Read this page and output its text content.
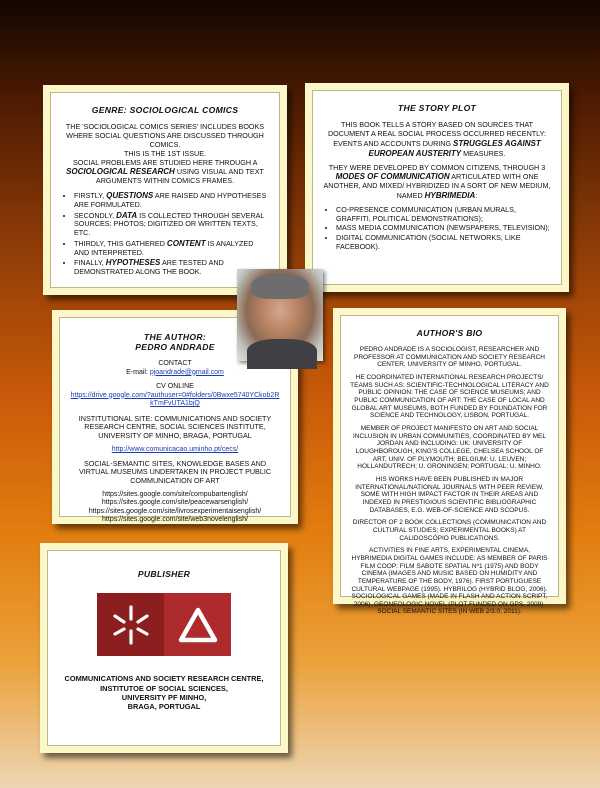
GENRE: SOCIOLOGICAL COMICS

THE 'SOCIOLOGICAL COMICS SERIES' INCLUDES BOOKS WHERE SOCIAL QUESTIONS ARE DISCUSSED THROUGH COMICS.
THIS IS THE 1ST ISSUE.
SOCIAL PROBLEMS ARE STUDIED HERE THROUGH A SOCIOLOGICAL RESEARCH USING VISUAL AND TEXT ARGUMENTS WITHIN COMICS FRAMES.

• FIRSTLY, QUESTIONS ARE RAISED AND HYPOTHESES ARE FORMULATED.
• SECONDLY, DATA IS COLLECTED THROUGH SEVERAL SOURCES: PHOTOS; DIGITIZED OR WRITTEN TEXTS, ETC.
• THIRDLY, THIS GATHERED CONTENT IS ANALYZED AND INTERPRETED.
• FINALLY, HYPOTHESES ARE TESTED AND DEMONSTRATED ALONG THE BOOK.
THE STORY PLOT

THIS BOOK TELLS A STORY BASED ON SOURCES THAT DOCUMENT A REAL SOCIAL PROCESS OCCURRED RECENTLY: EVENTS AND ACCOUNTS DURING STRUGGLES AGAINST EUROPEAN AUSTERITY MEASURES.

THEY WERE DEVELOPED BY COMMON CITIZENS, THROUGH 3 MODES OF COMMUNICATION ARTICULATED WITH ONE ANOTHER, AND MIXED/ HYBRIDIZED IN A SORT OF NEW MEDIUM, NAMED HYBRIMEDIA:

• CO-PRESENCE COMMUNICATION (URBAN MURALS, GRAFFITI, POLITICAL DEMONSTRATIONS);
• MASS MEDIA COMMUNICATION (NEWSPAPERS, TELEVISION);
• DIGITAL COMMUNICATION (SOCIAL NETWORKS, LIKE FACEBOOK).
THE AUTHOR:
PEDRO ANDRADE

CONTACT

E-mail: pjoandrade@gmail.com

CV ONLINE

https://drive.google.com/?authuser=0#folders/0Bwxe5740YCkob2RkTmFvUTA1bjQ

INSTITUTIONAL SITE: COMMUNICATIONS AND SOCIETY RESEARCH CENTRE, SOCIAL SCIENCES INSTITUTE, UNIVERSITY OF MINHO, BRAGA, PORTUGAL

http://www.comunicacao.uminho.pt/cecs/

SOCIAL-SEMANTIC SITES, KNOWLEDGE BASES AND VIRTUAL MUSEUMS UNDERTAKEN IN PROJECT PUBLIC COMMUNICATION OF ART

https://sites.google.com/site/compubartenglish/
https://sites.google.com/site/peacewarsenglish/
https://sites.google.com/site/livrosexperimentaisenglish/
https://sites.google.com/site/web3novelenglish/
AUTHOR'S BIO

PEDRO ANDRADE IS A SOCIOLOGIST, RESEARCHER AND PROFESSOR AT COMMUNICATION AND SOCIETY RESEARCH CENTER, UNIVERSITY OF MINHO, PORTUGAL.

HE COORDINATED INTERNATIONAL RESEARCH PROJECTS/ TEAMS SUCH AS: SCIENTIFIC-TECHNOLOGICAL LITERACY AND PUBLIC OPINION: THE CASE OF SCIENCE MUSEUMS; AND PUBLIC COMMUNICATION OF ART: THE CASE OF LOCAL AND GLOBAL ART MUSEUMS, BOTH FUNDED BY FOUNDATION FOR SCIENCE AND TECHNOLOGY, LISBON, PORTUGAL.

MEMBER OF PROJECT MANIFESTO ON ART AND SOCIAL INCLUSION IN URBAN COMMUNITIES, COORDINATED BY MEL JORDAN AND INCLUDING: UK: UNIVERSITY OF LOUGHBOROUGH, KING'S COLLEGE, CHELSEA SCHOOL OF ART, UNIV. OF PLYMOUTH; BELGIUM: U. LEUVEN; HOLLANDUTRECH; U. GRONINGEN; PORTUGAL: U. MINHO.

HIS WORKS HAVE BEEN PUBLISHED IN MAJOR INTERNATIONAL/NATIONAL JOURNALS WITH PEER REVIEW, SOME WITH HIGH IMPACT FACTOR IN THEIR AREAS AND INDEXED IN PRESTIGIOUS SCIENTIFIC BIBLIOGRAPHIC DATABASES, E.G. WEB-OF-SCIENCE AND SCOPUS.

DIRECTOR OF 2 BOOK COLLECTIONS (COMMUNICATION AND CULTURAL STUDIES; EXPERIMENTAL BOOKS) AT CALIDOSCÓPIO PUBLICATIONS.

ACTIVITIES IN FINE ARTS, EXPERIMENTAL CINEMA, HYBRIMEDIA DIGITAL GAMES INCLUDE: AS MEMBER OF PARIS FILM COOP: FILM SABOTE SPATIAL Nº1 (1975) AND BODY CINEMA (IMAGES AND MUSIC BASED ON HUMIDITY AND TEMPERATURE OF THE BODY, 1976). FIRST PORTUGUESE CULTURAL WEBPAGE (1995). HYBRILOG (HYBRID BLOG, 2006). SOCIOLOGICAL GAMES (MADE IN FLASH AND ACTION SCRIPT, 2006). GEONEOLOGIC NOVEL (PLOT FUNDED ON GPS, 2009). SOCIAL SEMANTIC SITES (IN WEB 2/3.0, 2011).

PUBLISHER
COMMUNICATIONS AND SOCIETY RESEARCH CENTRE,
INSTITUTOE OF SOCIAL SCIENCES,
UNIVERSITY PF MINHO,
BRAGA, PORTUGAL
